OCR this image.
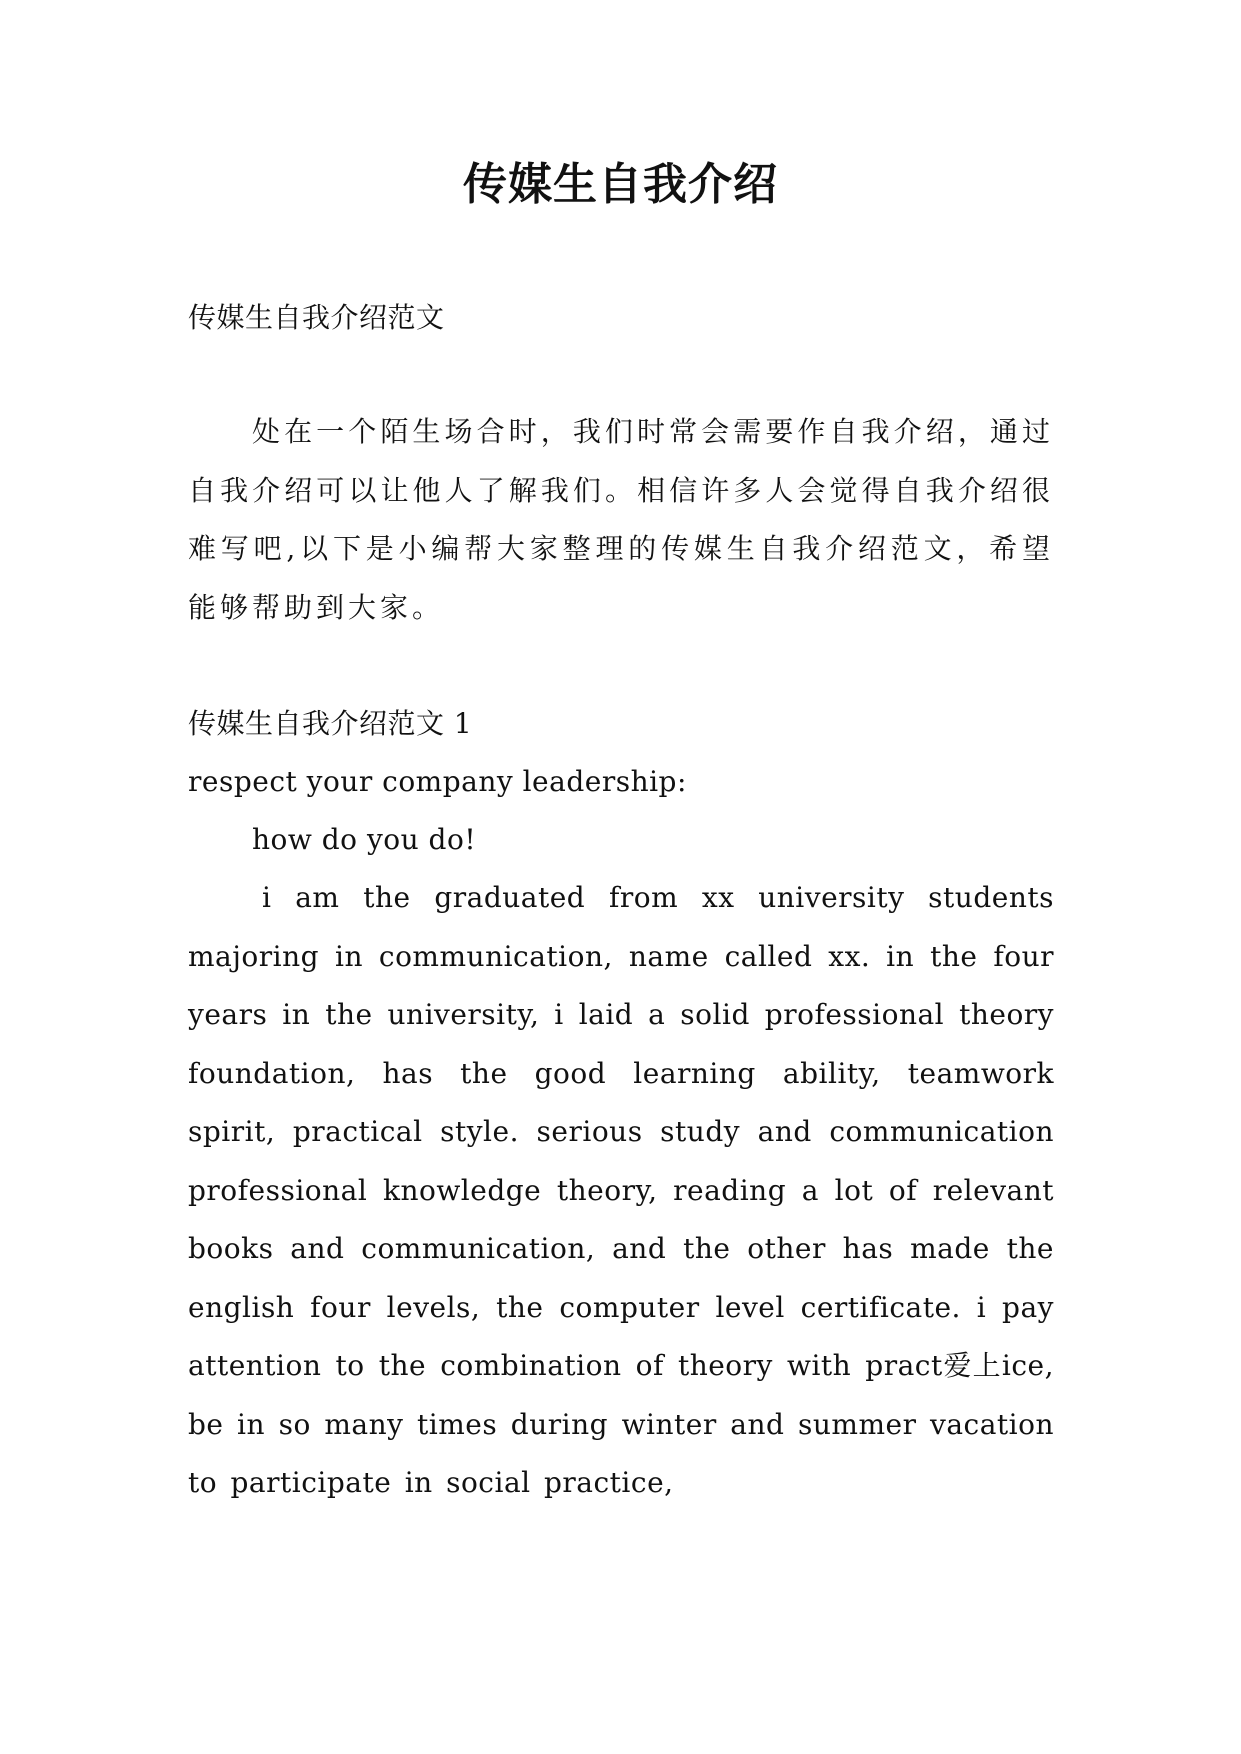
传媒生自我介绍
传媒生自我介绍范文
处在一个陌生场合时，我们时常会需要作自我介绍，通过自我介绍可以让他人了解我们。相信许多人会觉得自我介绍很难写吧,以下是小编帮大家整理的传媒生自我介绍范文，希望能够帮助到大家。
传媒生自我介绍范文 1
respect your company leadership:
how do you do!
i am the graduated from xx university students majoring in communication, name called xx. in the four years in the university, i laid a solid professional theory foundation, has the good learning ability, teamwork spirit, practical style. serious study and communication professional knowledge theory, reading a lot of relevant books and communication, and the other has made the english four levels, the computer level certificate. i pay attention to the combination of theory with pract爱上ice, be in so many times during winter and summer vacation to participate in social practice,
